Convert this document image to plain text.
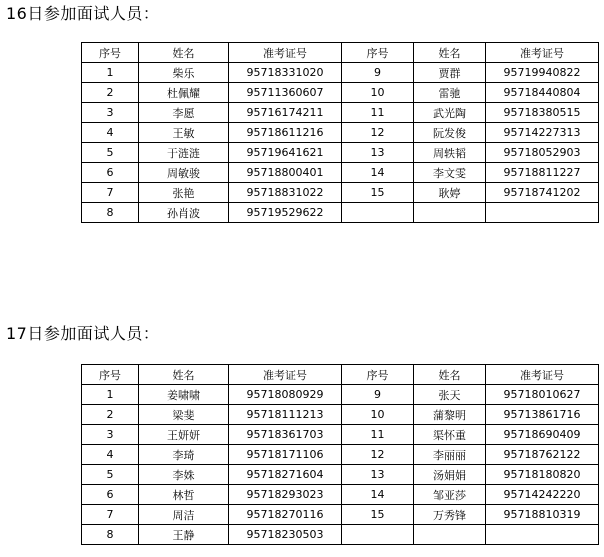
16日参加面试人员：
序号	姓名	准考证号	序号	姓名	准考证号
1	柴乐	95718331020	9	贾群	95719940822
2	杜佩耀	95711360607	10	雷驰	95718440804
3	李愿	95716174211	11	武光陶	95718380515
4	王敏	95718611216	12	阮发俊	95714227313
5	于涟涟	95719641621	13	周轶韬	95718052903
6	周敏骏	95718800401	14	李文雯	95718811227
7	张艳	95718831022	15	耿婷	95718741202
8	孙肖波	95719529622			
17日参加面试人员：
序号	姓名	准考证号	序号	姓名	准考证号
1	姜啸啸	95718080929	9	张天	95718010627
2	梁斐	95718111213	10	蒲黎明	95713861716
3	王妍妍	95718361703	11	渠怀重	95718690409
4	李琦	95718171106	12	李丽丽	95718762122
5	李姝	95718271604	13	汤娟娟	95718180820
6	林哲	95718293023	14	邹亚莎	95714242220
7	周洁	95718270116	15	万秀锋	95718810319
8	王静	95718230503			
